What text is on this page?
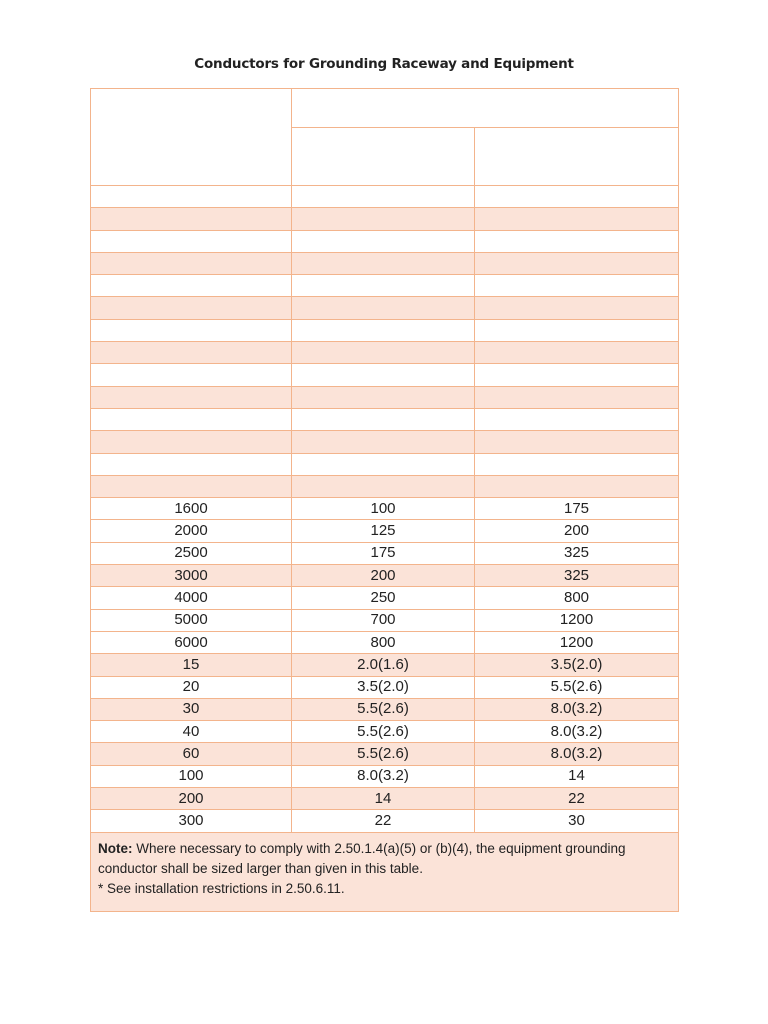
Conductors for Grounding Raceway and Equipment

1600	100	175
2000	125	200
2500	175	325
3000	200	325
4000	250	800
5000	700	1200
6000	800	1200
15	2.0(1.6)	3.5(2.0)
20	3.5(2.0)	5.5(2.6)
30	5.5(2.6)	8.0(3.2)
40	5.5(2.6)	8.0(3.2)
60	5.5(2.6)	8.0(3.2)
100	8.0(3.2)	14
200	14	22
300	22	30
Note: Where necessary to comply with 2.50.1.4(a)(5) or (b)(4), the equipment grounding conductor shall be sized larger than given in this table.
* See installation restrictions in 2.50.6.11.		
